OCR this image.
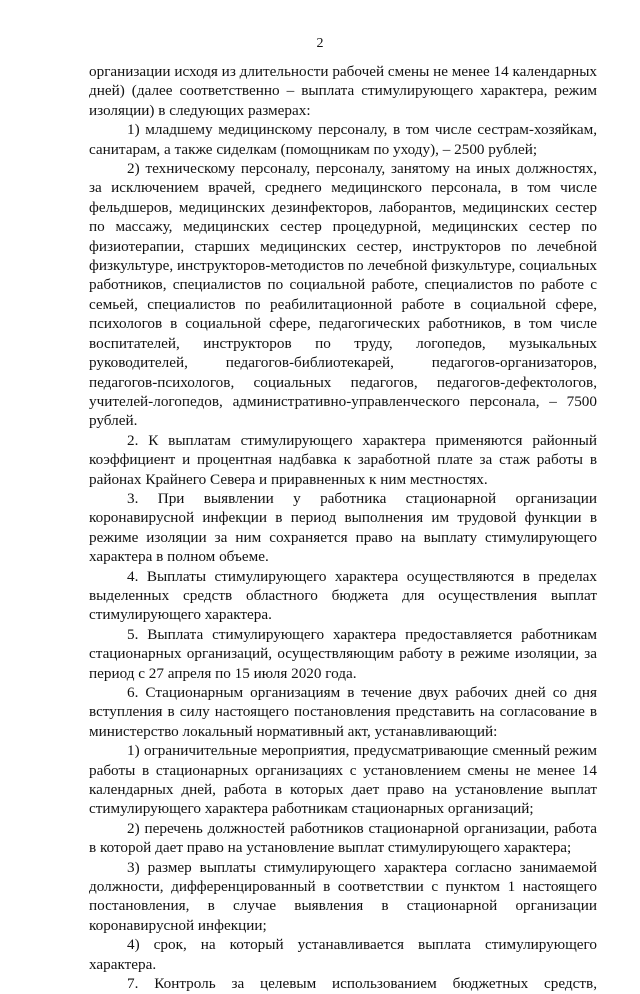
2

организации исходя из длительности рабочей смены не менее 14 календарных дней) (далее соответственно – выплата стимулирующего характера, режим изоляции) в следующих размерах:

1) младшему медицинскому персоналу, в том числе сестрам-хозяйкам, санитарам, а также сиделкам (помощникам по уходу), – 2500 рублей;

2) техническому персоналу, персоналу, занятому на иных должностях, за исключением врачей, среднего медицинского персонала, в том числе фельдшеров, медицинских дезинфекторов, лаборантов, медицинских сестер по массажу, медицинских сестер процедурной, медицинских сестер по физиотерапии, старших медицинских сестер, инструкторов по лечебной физкультуре, инструкторов-методистов по лечебной физкультуре, социальных работников, специалистов по социальной работе, специалистов по работе с семьей, специалистов по реабилитационной работе в социальной сфере, психологов в социальной сфере, педагогических работников, в том числе воспитателей, инструкторов по труду, логопедов, музыкальных руководителей, педагогов-библиотекарей, педагогов-организаторов, педагогов-психологов, социальных педагогов, педагогов-дефектологов, учителей-логопедов, административно-управленческого персонала, – 7500 рублей.

2. К выплатам стимулирующего характера применяются районный коэффициент и процентная надбавка к заработной плате за стаж работы в районах Крайнего Севера и приравненных к ним местностях.

3. При выявлении у работника стационарной организации коронавирусной инфекции в период выполнения им трудовой функции в режиме изоляции за ним сохраняется право на выплату стимулирующего характера в полном объеме.

4. Выплаты стимулирующего характера осуществляются в пределах выделенных средств областного бюджета для осуществления выплат стимулирующего характера.

5. Выплата стимулирующего характера предоставляется работникам стационарных организаций, осуществляющим работу в режиме изоляции, за период с 27 апреля по 15 июля 2020 года.

6. Стационарным организациям в течение двух рабочих дней со дня вступления в силу настоящего постановления представить на согласование в министерство локальный нормативный акт, устанавливающий:

1) ограничительные мероприятия, предусматривающие сменный режим работы в стационарных организациях с установлением смены не менее 14 календарных дней, работа в которых дает право на установление выплат стимулирующего характера работникам стационарных организаций;

2) перечень должностей работников стационарной организации, работа в которой дает право на установление выплат стимулирующего характера;

3) размер выплаты стимулирующего характера согласно занимаемой должности, дифференцированный в соответствии с пунктом 1 настоящего постановления, в случае выявления в стационарной организации коронавирусной инфекции;

4) срок, на который устанавливается выплата стимулирующего характера.

7. Контроль за целевым использованием бюджетных средств,
